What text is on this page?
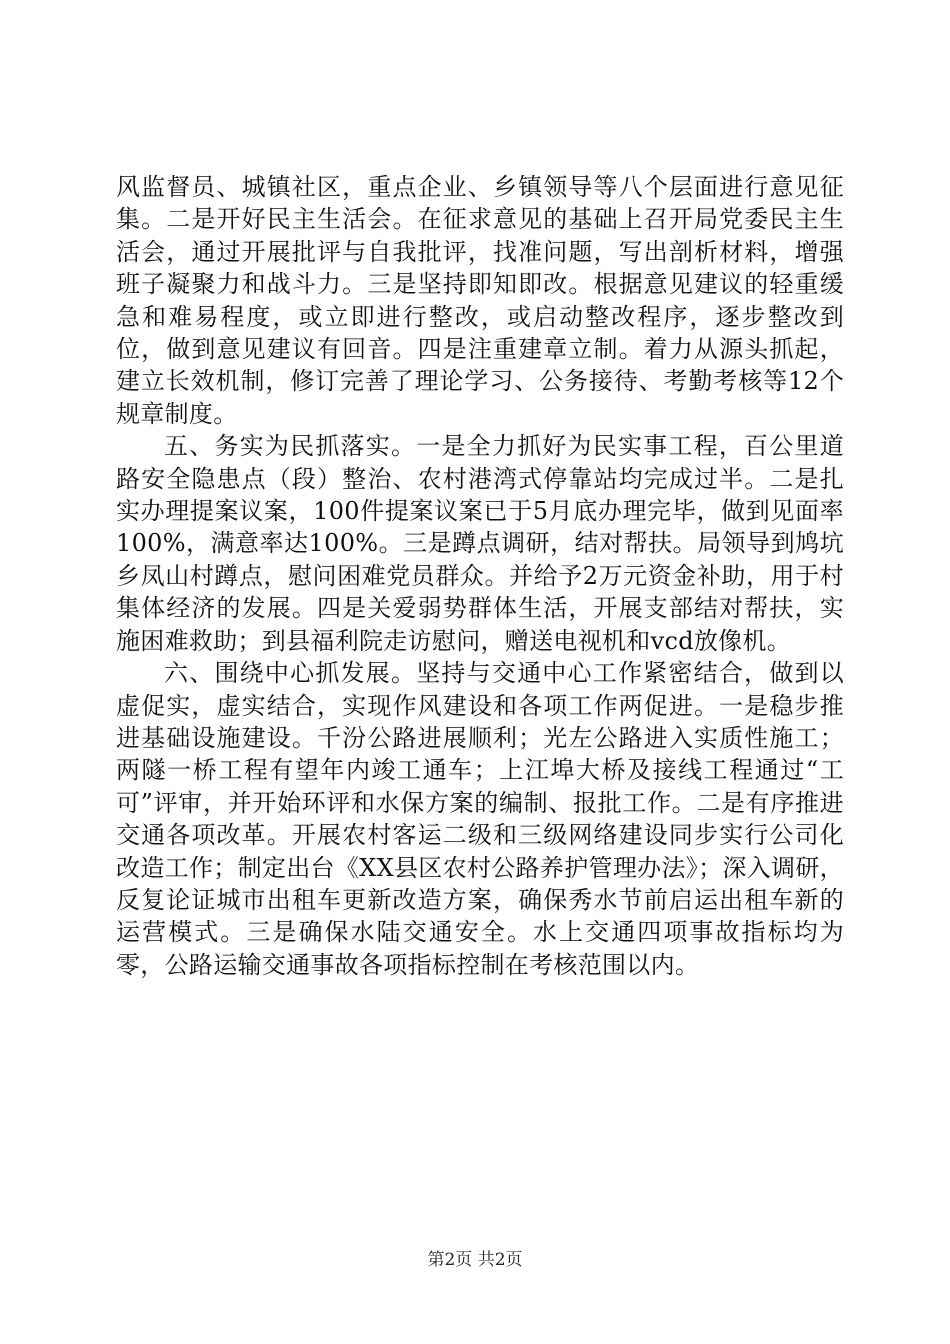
风监督员、城镇社区，重点企业、乡镇领导等八个层面进行意见征集。二是开好民主生活会。在征求意见的基础上召开局党委民主生活会，通过开展批评与自我批评，找准问题，写出剖析材料，增强班子凝聚力和战斗力。三是坚持即知即改。根据意见建议的轻重缓急和难易程度，或立即进行整改，或启动整改程序，逐步整改到位，做到意见建议有回音。四是注重建章立制。着力从源头抓起，建立长效机制，修订完善了理论学习、公务接待、考勤考核等12个规章制度。

五、务实为民抓落实。一是全力抓好为民实事工程，百公里道路安全隐患点（段）整治、农村港湾式停靠站均完成过半。二是扎实办理提案议案，100件提案议案已于5月底办理完毕，做到见面率100%，满意率达100%。三是蹲点调研，结对帮扶。局领导到鸠坑乡凤山村蹲点，慰问困难党员群众。并给予2万元资金补助，用于村集体经济的发展。四是关爱弱势群体生活，开展支部结对帮扶，实施困难救助；到县福利院走访慰问，赠送电视机和vcd放像机。

六、围绕中心抓发展。坚持与交通中心工作紧密结合，做到以虚促实，虚实结合，实现作风建设和各项工作两促进。一是稳步推进基础设施建设。千汾公路进展顺利；光左公路进入实质性施工；两隧一桥工程有望年内竣工通车；上江埠大桥及接线工程通过“工可”评审，并开始环评和水保方案的编制、报批工作。二是有序推进交通各项改革。开展农村客运二级和三级网络建设同步实行公司化改造工作；制定出台《XX县区农村公路养护管理办法》；深入调研，反复论证城市出租车更新改造方案，确保秀水节前启运出租车新的运营模式。三是确保水陆交通安全。水上交通四项事故指标均为零，公路运输交通事故各项指标控制在考核范围以内。

第2页 共2页
